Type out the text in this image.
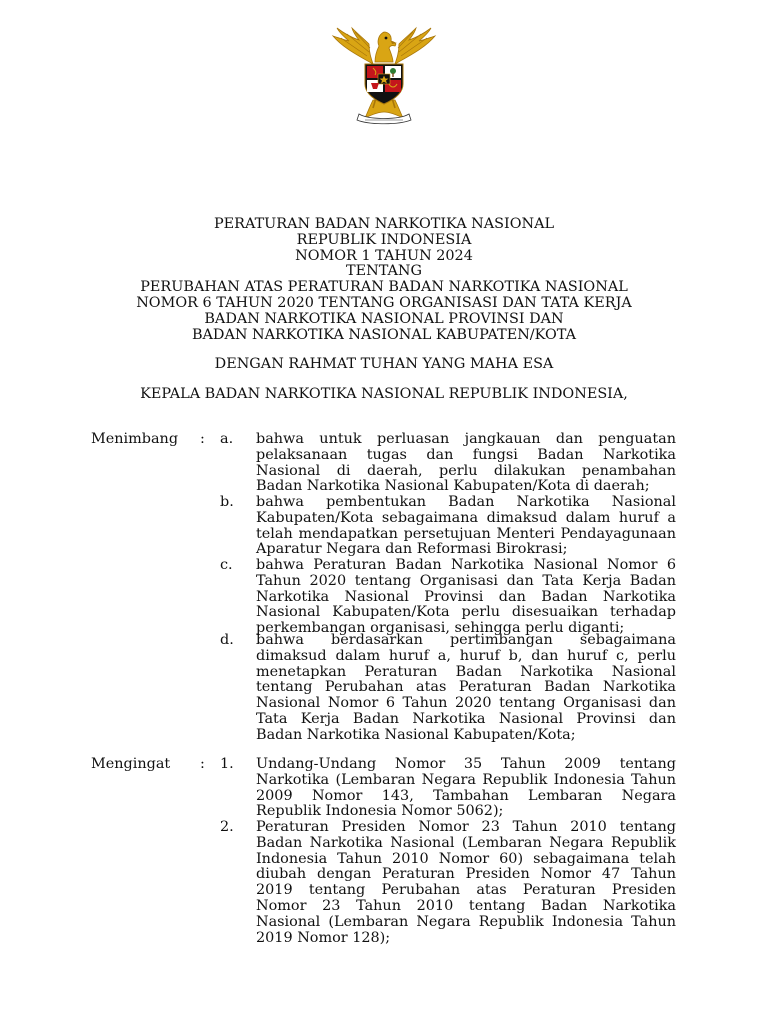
PERATURAN BADAN NARKOTIKA NASIONAL
REPUBLIK INDONESIA
NOMOR 1 TAHUN 2024
TENTANG
PERUBAHAN ATAS PERATURAN BADAN NARKOTIKA NASIONAL
NOMOR 6 TAHUN 2020 TENTANG ORGANISASI DAN TATA KERJA
BADAN NARKOTIKA NASIONAL PROVINSI DAN
BADAN NARKOTIKA NASIONAL KABUPATEN/KOTA
DENGAN RAHMAT TUHAN YANG MAHA ESA
KEPALA BADAN NARKOTIKA NASIONAL REPUBLIK INDONESIA,
Menimbang : a. bahwa untuk perluasan jangkauan dan penguatan
pelaksanaan tugas dan fungsi Badan Narkotika
Nasional di daerah, perlu dilakukan penambahan
Badan Narkotika Nasional Kabupaten/Kota di daerah;
b. bahwa pembentukan Badan Narkotika Nasional
Kabupaten/Kota sebagaimana dimaksud dalam huruf a
telah mendapatkan persetujuan Menteri Pendayagunaan
Aparatur Negara dan Reformasi Birokrasi;
c. bahwa Peraturan Badan Narkotika Nasional Nomor 6
Tahun 2020 tentang Organisasi dan Tata Kerja Badan
Narkotika Nasional Provinsi dan Badan Narkotika
Nasional Kabupaten/Kota perlu disesuaikan terhadap
perkembangan organisasi, sehingga perlu diganti;
d. bahwa berdasarkan pertimbangan sebagaimana
dimaksud dalam huruf a, huruf b, dan huruf c, perlu
menetapkan Peraturan Badan Narkotika Nasional
tentang Perubahan atas Peraturan Badan Narkotika
Nasional Nomor 6 Tahun 2020 tentang Organisasi dan
Tata Kerja Badan Narkotika Nasional Provinsi dan
Badan Narkotika Nasional Kabupaten/Kota;
Mengingat : 1. Undang-Undang Nomor 35 Tahun 2009 tentang
Narkotika (Lembaran Negara Republik Indonesia Tahun
2009 Nomor 143, Tambahan Lembaran Negara
Republik Indonesia Nomor 5062);
2. Peraturan Presiden Nomor 23 Tahun 2010 tentang
Badan Narkotika Nasional (Lembaran Negara Republik
Indonesia Tahun 2010 Nomor 60) sebagaimana telah
diubah dengan Peraturan Presiden Nomor 47 Tahun
2019 tentang Perubahan atas Peraturan Presiden
Nomor 23 Tahun 2010 tentang Badan Narkotika
Nasional (Lembaran Negara Republik Indonesia Tahun
2019 Nomor 128);
